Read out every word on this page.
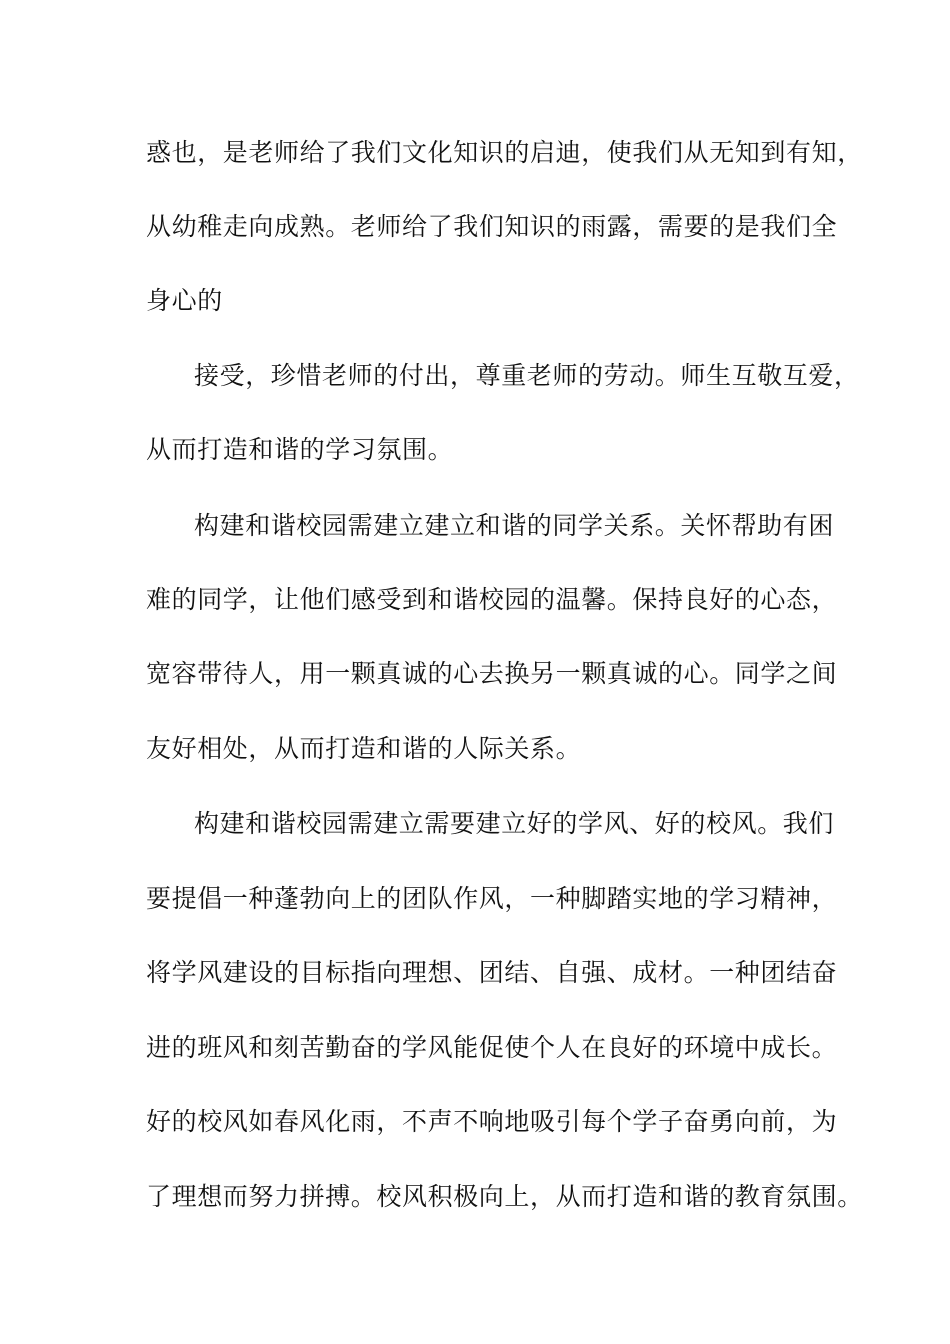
惑也，是老师给了我们文化知识的启迪，使我们从无知到有知，
从幼稚走向成熟。老师给了我们知识的雨露，需要的是我们全
身心的
接受，珍惜老师的付出，尊重老师的劳动。师生互敬互爱，
从而打造和谐的学习氛围。
构建和谐校园需建立建立和谐的同学关系。关怀帮助有困
难的同学，让他们感受到和谐校园的温馨。保持良好的心态，
宽容带待人，用一颗真诚的心去换另一颗真诚的心。同学之间
友好相处，从而打造和谐的人际关系。
构建和谐校园需建立需要建立好的学风、好的校风。我们
要提倡一种蓬勃向上的团队作风，一种脚踏实地的学习精神，
将学风建设的目标指向理想、团结、自强、成材。一种团结奋
进的班风和刻苦勤奋的学风能促使个人在良好的环境中成长。
好的校风如春风化雨，不声不响地吸引每个学子奋勇向前，为
了理想而努力拼搏。校风积极向上，从而打造和谐的教育氛围。
